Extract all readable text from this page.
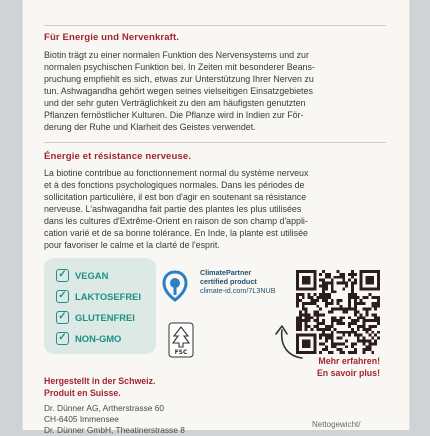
Für Energie und Nervenkraft.

Biotin trägt zu einer normalen Funktion des Nervensystems und zur

normalen psychischen Funktion bei. In Zeiten mit besonderer Beans-

pruchung empfiehlt es sich, etwas zur Unterstützung Ihrer Nerven zu

tun. Ashwagandha gehört wegen seines vielseitigen Einsatzgebietes

und der sehr guten Verträglichkeit zu den am häufigsten genutzten

Pflanzen fernöstlicher Kulturen. Die Pflanze wird in Indien zur För-

derung der Ruhe und Klarheit des Geistes verwendet.

Énergie et résistance nerveuse.

La biotine contribue au fonctionnement normal du système nerveux

et à des fonctions psychologiques normales. Dans les périodes de

sollicitation particulière, il est bon d'agir en soutenant sa résistance

nerveuse. L'ashwagandha fait partie des plantes les plus utilisées

dans les cultures d'Extrême-Orient en raison de son champ d'appli-

cation varié et de sa bonne tolérance. En Inde, la plante est utilisée

pour favoriser le calme et la clarté de l'esprit.

✓ VEGAN
✓ LAKTOSEFREI
✓ GLUTENFREI
✓ NON-GMO
ClimatePartner
certified product
climate-id.com/7L3NUB
FSC
Mehr erfahren!
En savoir plus!
Hergestellt in der Schweiz.
Produit en Suisse.
Dr. Dünner AG, Artherstrasse 60
CH-6405 Immensee
Dr. Dünner GmbH, Theatinerstrasse 8
Nettogewicht/
